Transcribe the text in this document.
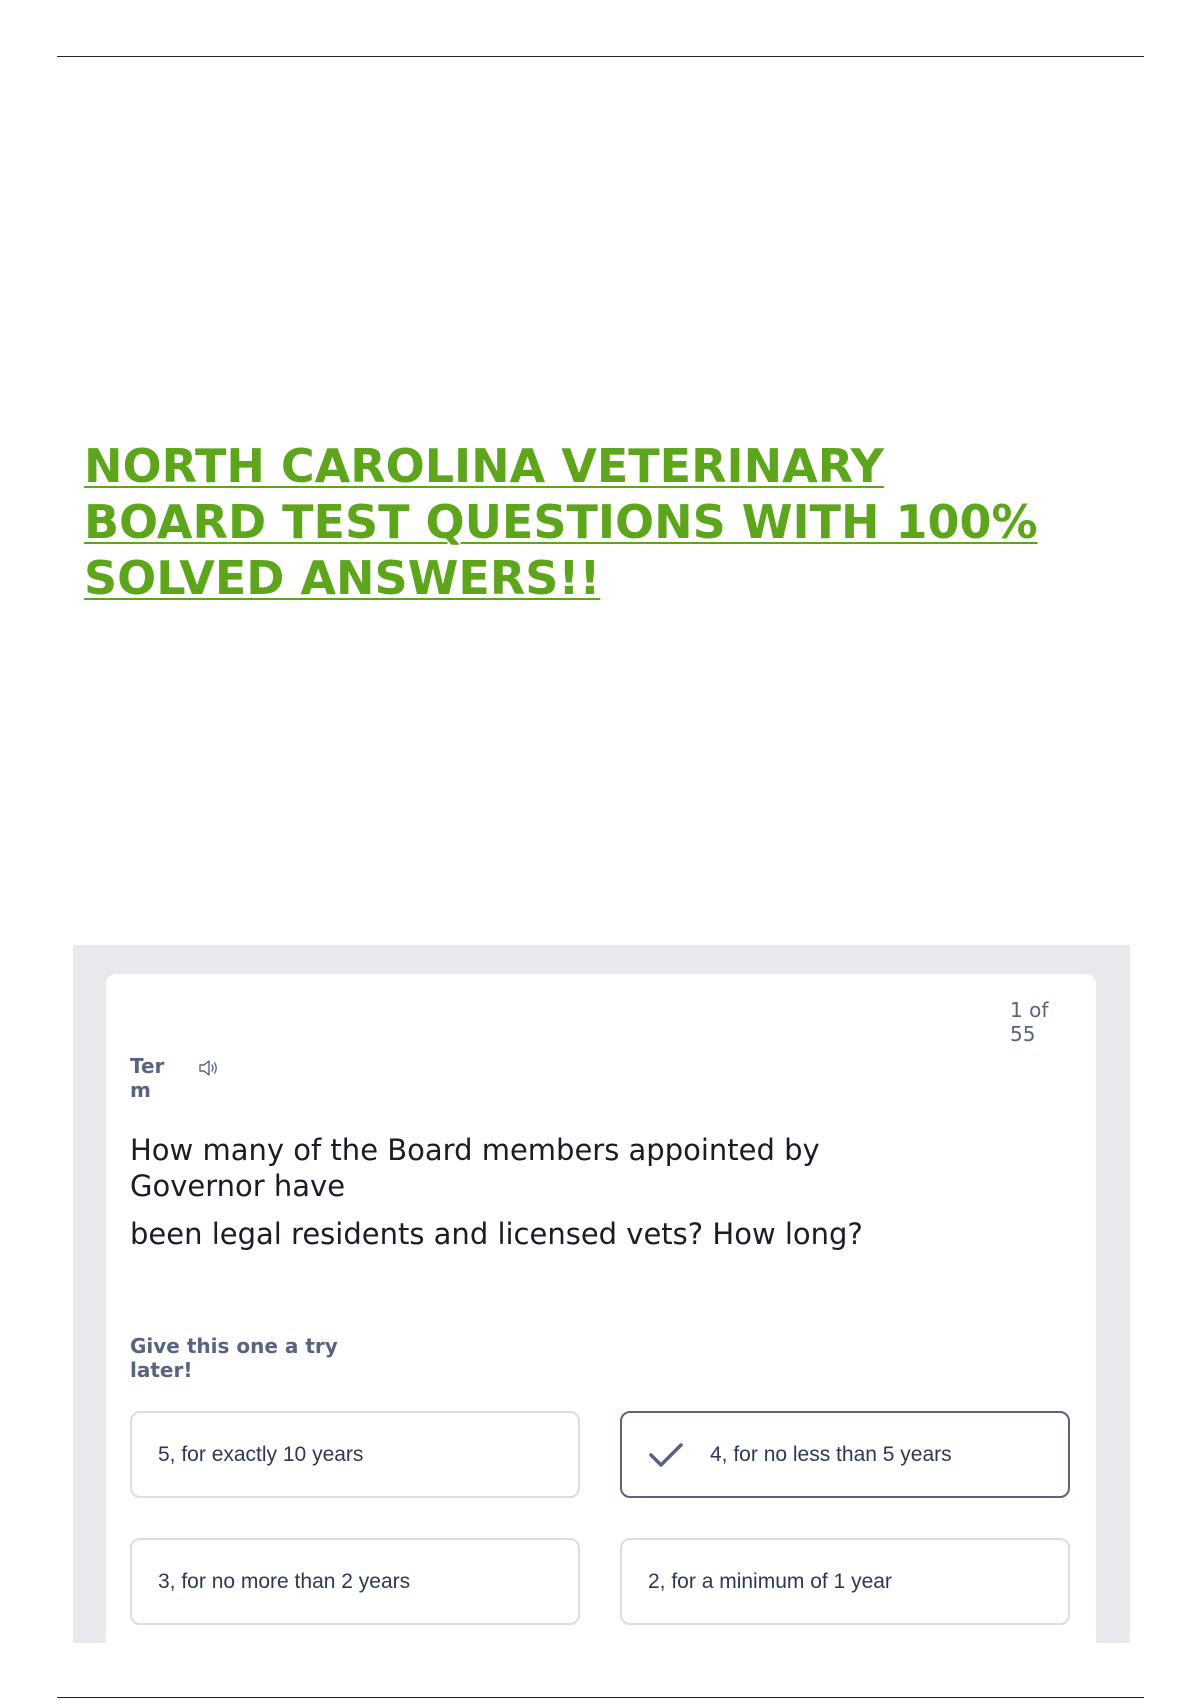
NORTH CAROLINA VETERINARY
BOARD TEST QUESTIONS WITH 100%
SOLVED ANSWERS!!
1 of 55
Term

How many of the Board members appointed by Governor have

been legal residents and licensed vets? How long?

Give this one a try later!
5, for exactly 10 years	4, for no less than 5 years
3, for no more than 2 years	2, for a minimum of 1 year
